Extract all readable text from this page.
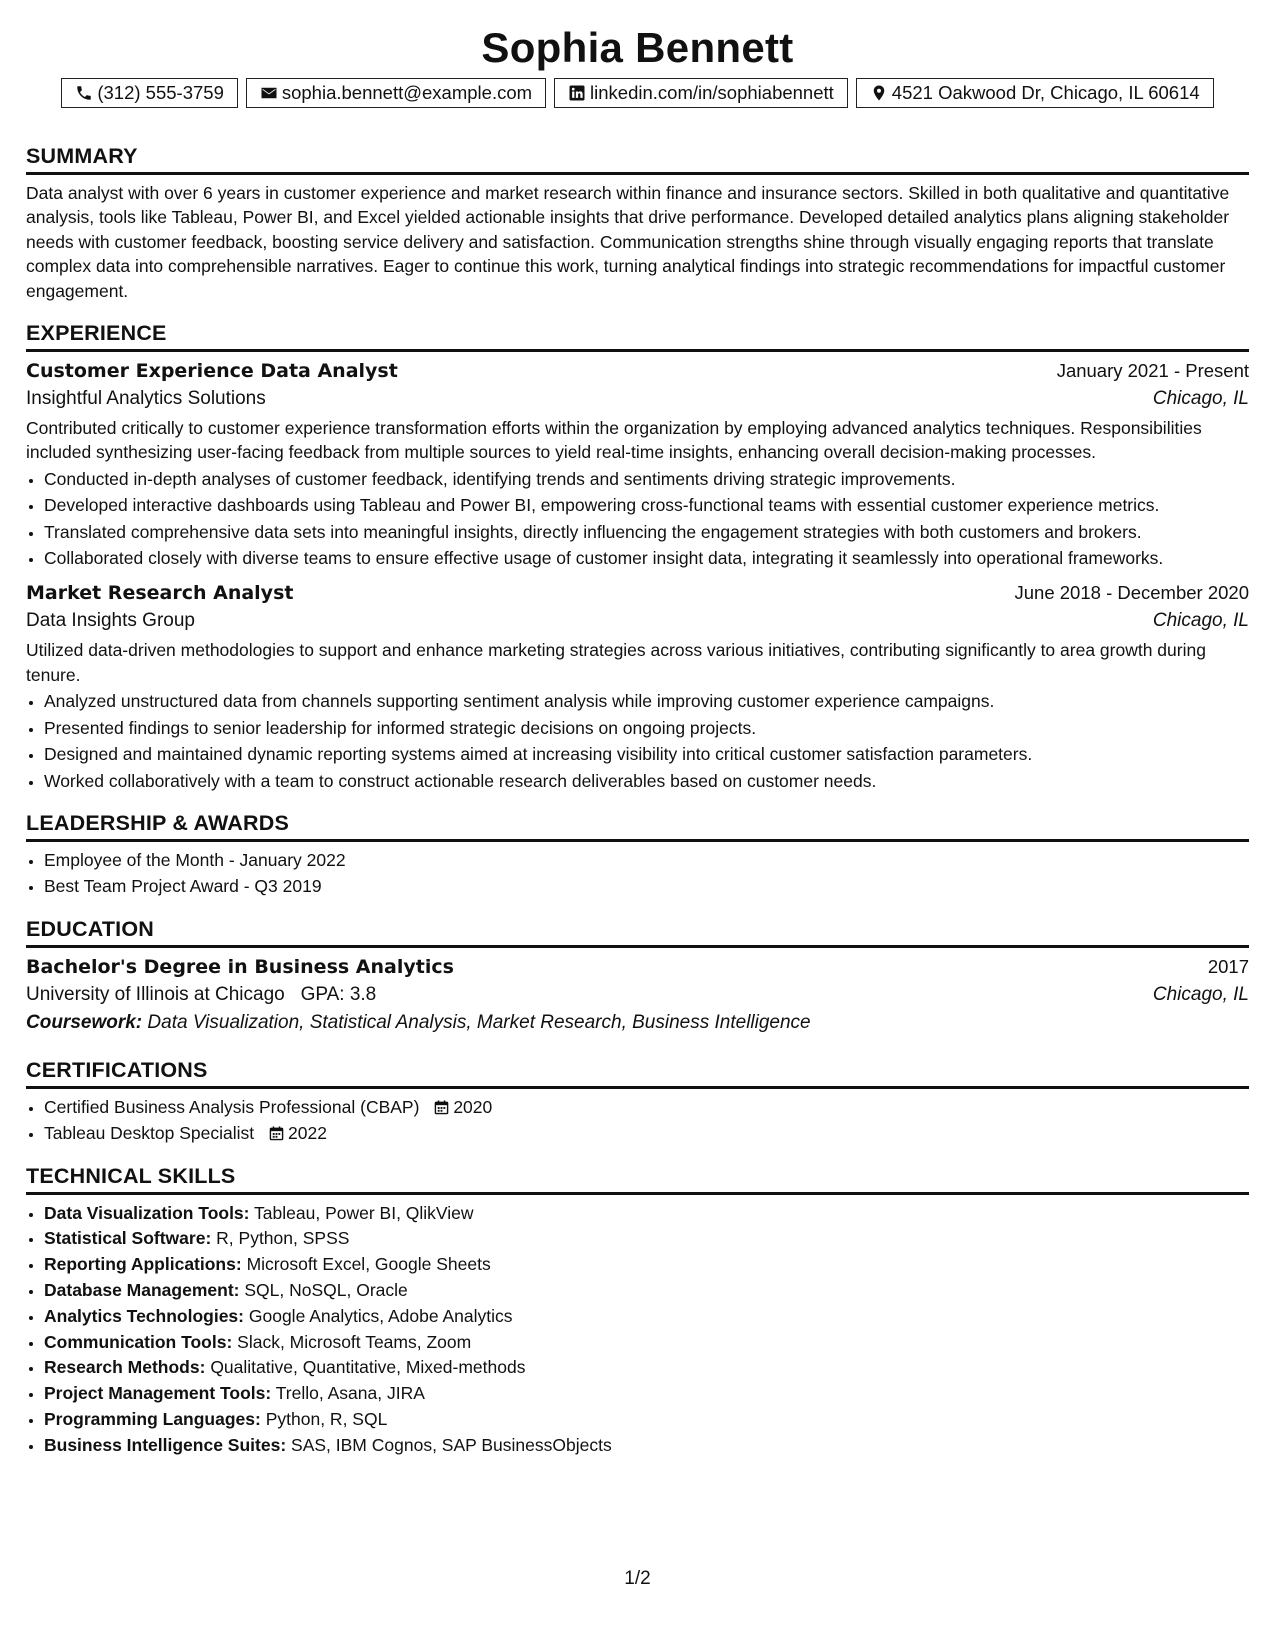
Sophia Bennett
(312) 555-3759	sophia.bennett@example.com	linkedin.com/in/sophiabennett	4521 Oakwood Dr, Chicago, IL 60614
SUMMARY
Data analyst with over 6 years in customer experience and market research within finance and insurance sectors. Skilled in both qualitative and quantitative analysis, tools like Tableau, Power BI, and Excel yielded actionable insights that drive performance. Developed detailed analytics plans aligning stakeholder needs with customer feedback, boosting service delivery and satisfaction. Communication strengths shine through visually engaging reports that translate complex data into comprehensible narratives. Eager to continue this work, turning analytical findings into strategic recommendations for impactful customer engagement.
EXPERIENCE
Customer Experience Data Analyst	January 2021 - Present
Insightful Analytics Solutions	Chicago, IL
Contributed critically to customer experience transformation efforts within the organization by employing advanced analytics techniques. Responsibilities included synthesizing user-facing feedback from multiple sources to yield real-time insights, enhancing overall decision-making processes.
• Conducted in-depth analyses of customer feedback, identifying trends and sentiments driving strategic improvements.
• Developed interactive dashboards using Tableau and Power BI, empowering cross-functional teams with essential customer experience metrics.
• Translated comprehensive data sets into meaningful insights, directly influencing the engagement strategies with both customers and brokers.
• Collaborated closely with diverse teams to ensure effective usage of customer insight data, integrating it seamlessly into operational frameworks.
Market Research Analyst	June 2018 - December 2020
Data Insights Group	Chicago, IL
Utilized data-driven methodologies to support and enhance marketing strategies across various initiatives, contributing significantly to area growth during tenure.
• Analyzed unstructured data from channels supporting sentiment analysis while improving customer experience campaigns.
• Presented findings to senior leadership for informed strategic decisions on ongoing projects.
• Designed and maintained dynamic reporting systems aimed at increasing visibility into critical customer satisfaction parameters.
• Worked collaboratively with a team to construct actionable research deliverables based on customer needs.
LEADERSHIP & AWARDS
• Employee of the Month - January 2022
• Best Team Project Award - Q3 2019
EDUCATION
Bachelor's Degree in Business Analytics	2017
University of Illinois at Chicago GPA: 3.8	Chicago, IL
Coursework: Data Visualization, Statistical Analysis, Market Research, Business Intelligence
CERTIFICATIONS
• Certified Business Analysis Professional (CBAP) 2020
• Tableau Desktop Specialist 2022
TECHNICAL SKILLS
• Data Visualization Tools: Tableau, Power BI, QlikView
• Statistical Software: R, Python, SPSS
• Reporting Applications: Microsoft Excel, Google Sheets
• Database Management: SQL, NoSQL, Oracle
• Analytics Technologies: Google Analytics, Adobe Analytics
• Communication Tools: Slack, Microsoft Teams, Zoom
• Research Methods: Qualitative, Quantitative, Mixed-methods
• Project Management Tools: Trello, Asana, JIRA
• Programming Languages: Python, R, SQL
• Business Intelligence Suites: SAS, IBM Cognos, SAP BusinessObjects
1/2
